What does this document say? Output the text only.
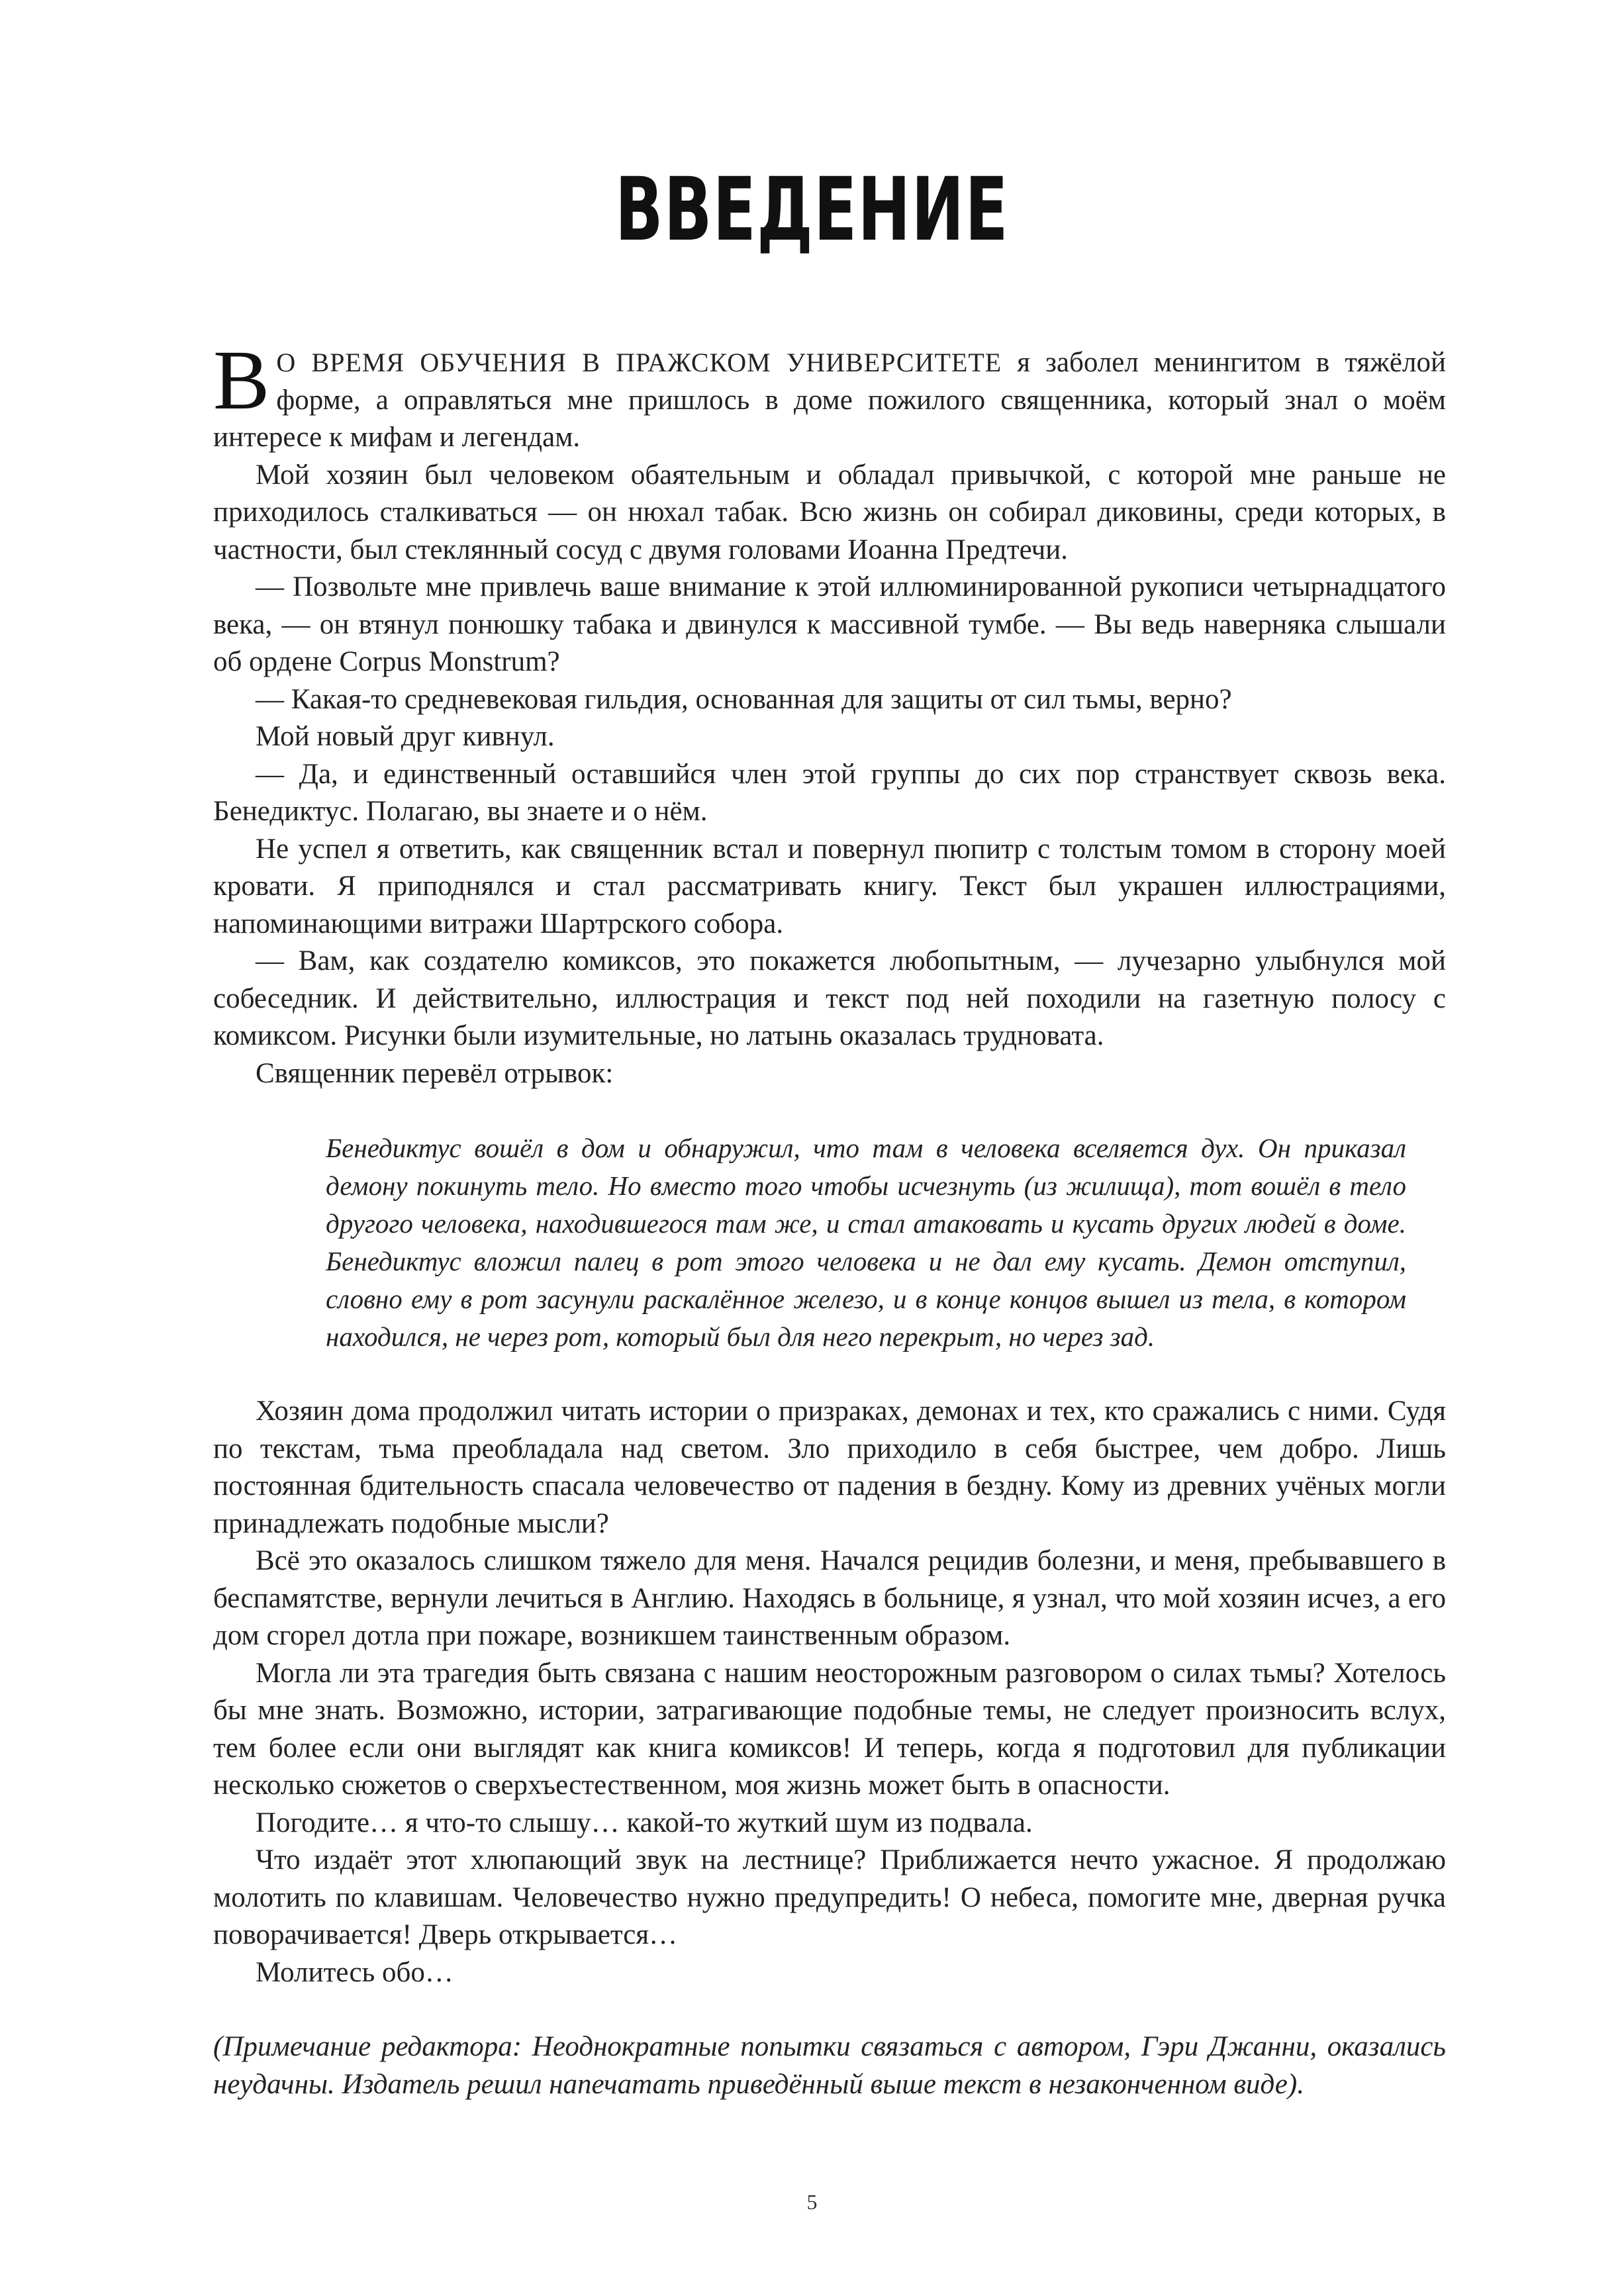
ВВЕДЕНИЕ

ВО ВРЕМЯ ОБУЧЕНИЯ В ПРАЖСКОМ УНИВЕРСИТЕТЕ я заболел менингитом в тяжёлой форме, а оправляться мне пришлось в доме пожилого священника, который знал о моём интересе к мифам и легендам.

Мой хозяин был человеком обаятельным и обладал привычкой, с которой мне раньше не приходилось сталкиваться — он нюхал табак. Всю жизнь он собирал диковины, среди которых, в частности, был стеклянный сосуд с двумя головами Иоанна Предтечи.

— Позвольте мне привлечь ваше внимание к этой иллюминированной рукописи четырнадцатого века, — он втянул понюшку табака и двинулся к массивной тумбе. — Вы ведь наверняка слышали об ордене Corpus Monstrum?

— Какая-то средневековая гильдия, основанная для защиты от сил тьмы, верно?

Мой новый друг кивнул.

— Да, и единственный оставшийся член этой группы до сих пор странствует сквозь века. Бенедиктус. Полагаю, вы знаете и о нём.

Не успел я ответить, как священник встал и повернул пюпитр с толстым томом в сторону моей кровати. Я приподнялся и стал рассматривать книгу. Текст был украшен иллюстрациями, напоминающими витражи Шартрского собора.

— Вам, как создателю комиксов, это покажется любопытным, — лучезарно улыбнулся мой собеседник. И действительно, иллюстрация и текст под ней походили на газетную полосу с комиксом. Рисунки были изумительные, но латынь оказалась трудновата.

Священник перевёл отрывок:

Бенедиктус вошёл в дом и обнаружил, что там в человека вселяется дух. Он приказал демону покинуть тело. Но вместо того чтобы исчезнуть (из жилища), тот вошёл в тело другого человека, находившегося там же, и стал атаковать и кусать других людей в доме. Бенедиктус вложил палец в рот этого человека и не дал ему кусать. Демон отступил, словно ему в рот засунули раскалённое железо, и в конце концов вышел из тела, в котором находился, не через рот, который был для него перекрыт, но через зад.

Хозяин дома продолжил читать истории о призраках, демонах и тех, кто сражались с ними. Судя по текстам, тьма преобладала над светом. Зло приходило в себя быстрее, чем добро. Лишь постоянная бдительность спасала человечество от падения в бездну. Кому из древних учёных могли принадлежать подобные мысли?

Всё это оказалось слишком тяжело для меня. Начался рецидив болезни, и меня, пребывавшего в беспамятстве, вернули лечиться в Англию. Находясь в больнице, я узнал, что мой хозяин исчез, а его дом сгорел дотла при пожаре, возникшем таинственным образом.

Могла ли эта трагедия быть связана с нашим неосторожным разговором о силах тьмы? Хотелось бы мне знать. Возможно, истории, затрагивающие подобные темы, не следует произносить вслух, тем более если они выглядят как книга комиксов! И теперь, когда я подготовил для публикации несколько сюжетов о сверхъестественном, моя жизнь может быть в опасности.

Погодите… я что-то слышу… какой-то жуткий шум из подвала.

Что издаёт этот хлюпающий звук на лестнице? Приближается нечто ужасное. Я продолжаю молотить по клавишам. Человечество нужно предупредить! О небеса, помогите мне, дверная ручка поворачивается! Дверь открывается…

Молитесь обо…

(Примечание редактора: Неоднократные попытки связаться с автором, Гэри Джанни, оказались неудачны. Издатель решил напечатать приведённый выше текст в незаконченном виде).

5
